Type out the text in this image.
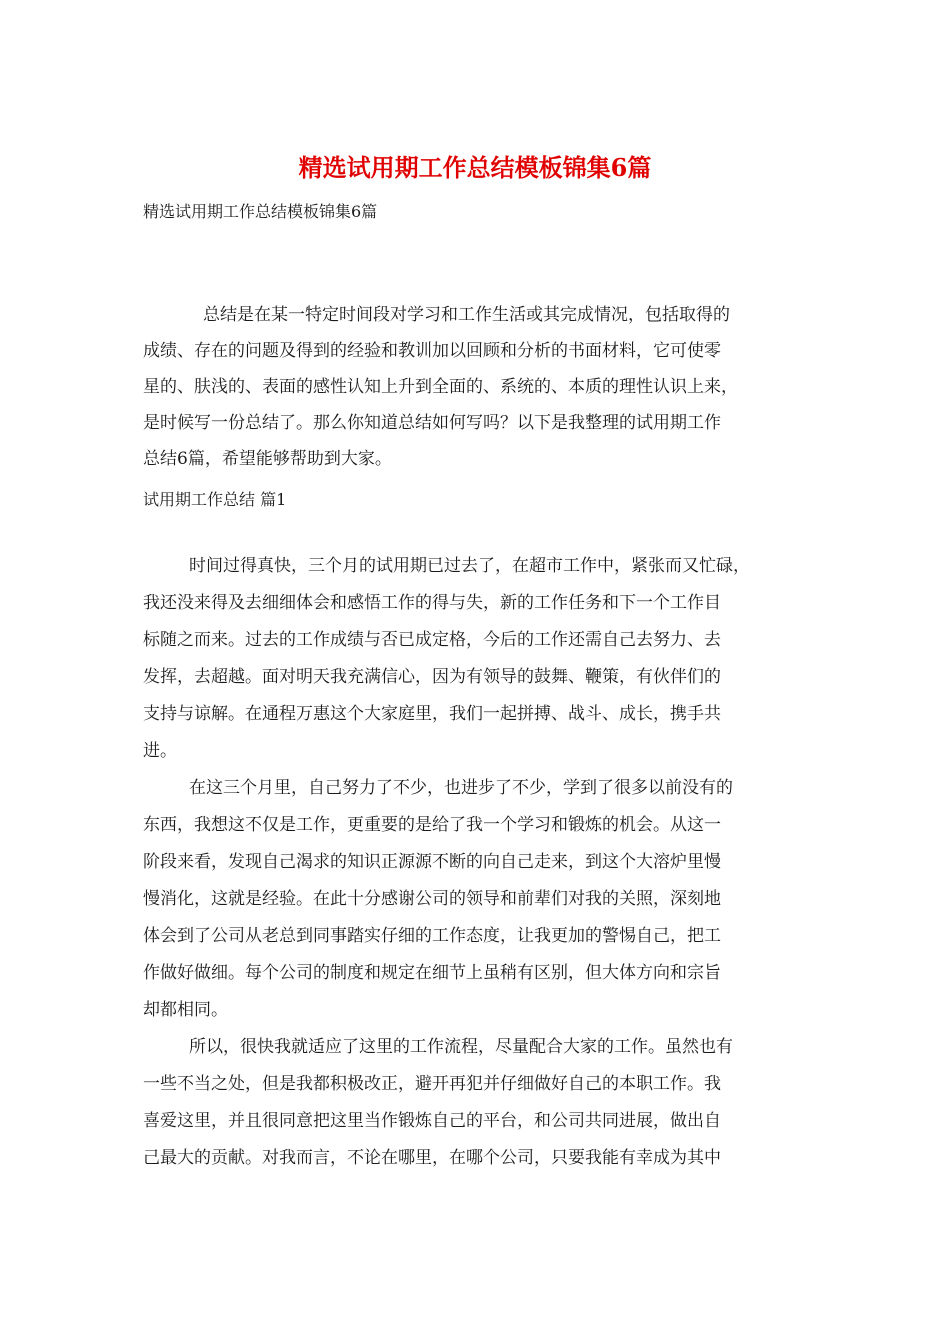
精选试用期工作总结模板锦集6篇
精选试用期工作总结模板锦集6篇
总结是在某一特定时间段对学习和工作生活或其完成情况，包括取得的
成绩、存在的问题及得到的经验和教训加以回顾和分析的书面材料，它可使零
星的、肤浅的、表面的感性认知上升到全面的、系统的、本质的理性认识上来，
是时候写一份总结了。那么你知道总结如何写吗？以下是我整理的试用期工作
总结6篇，希望能够帮助到大家。
试用期工作总结 篇1

时间过得真快，三个月的试用期已过去了，在超市工作中，紧张而又忙碌，
我还没来得及去细细体会和感悟工作的得与失，新的工作任务和下一个工作目
标随之而来。过去的工作成绩与否已成定格，今后的工作还需自己去努力、去
发挥，去超越。面对明天我充满信心，因为有领导的鼓舞、鞭策，有伙伴们的
支持与谅解。在通程万惠这个大家庭里，我们一起拼搏、战斗、成长，携手共
进。

在这三个月里，自己努力了不少，也进步了不少，学到了很多以前没有的
东西，我想这不仅是工作，更重要的是给了我一个学习和锻炼的机会。从这一
阶段来看，发现自己渴求的知识正源源不断的向自己走来，到这个大溶炉里慢
慢消化，这就是经验。在此十分感谢公司的领导和前辈们对我的关照，深刻地
体会到了公司从老总到同事踏实仔细的工作态度，让我更加的警惕自己，把工
作做好做细。每个公司的制度和规定在细节上虽稍有区别，但大体方向和宗旨
却都相同。

所以，很快我就适应了这里的工作流程，尽量配合大家的工作。虽然也有
一些不当之处，但是我都积极改正，避开再犯并仔细做好自己的本职工作。我
喜爱这里，并且很同意把这里当作锻炼自己的平台，和公司共同进展，做出自
己最大的贡献。对我而言，不论在哪里，在哪个公司，只要我能有幸成为其中
